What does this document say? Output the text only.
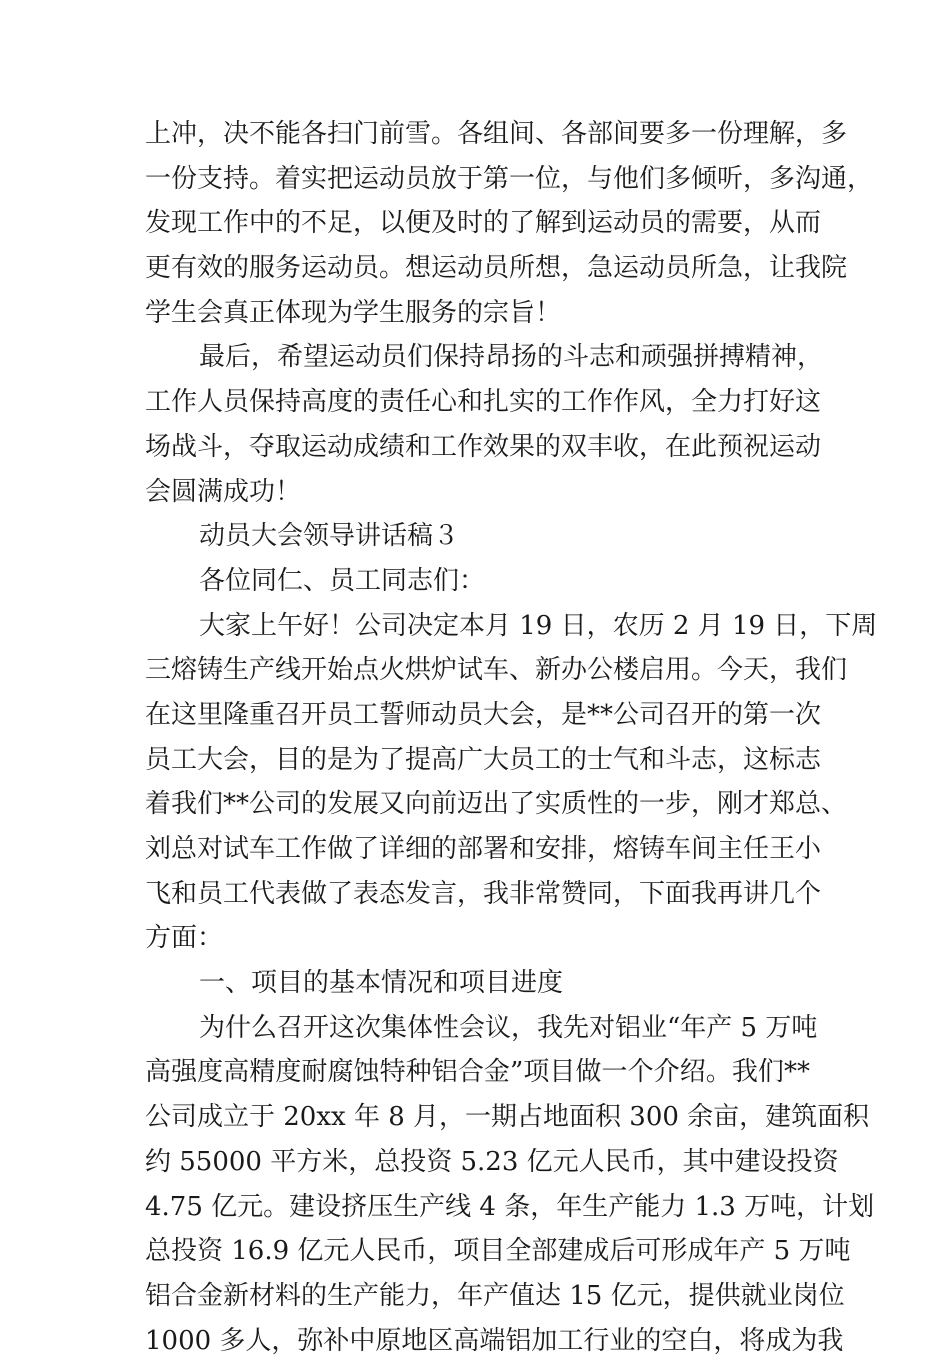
上冲，决不能各扫门前雪。各组间、各部间要多一份理解，多
一份支持。着实把运动员放于第一位，与他们多倾听，多沟通，
发现工作中的不足，以便及时的了解到运动员的需要，从而
更有效的服务运动员。想运动员所想，急运动员所急，让我院
学生会真正体现为学生服务的宗旨！
最后，希望运动员们保持昂扬的斗志和顽强拼搏精神，
工作人员保持高度的责任心和扎实的工作作风，全力打好这
场战斗，夺取运动成绩和工作效果的双丰收，在此预祝运动
会圆满成功！
动员大会领导讲话稿３
各位同仁、员工同志们：
大家上午好！公司决定本月 19 日，农历 2 月 19 日，下周
三熔铸生产线开始点火烘炉试车、新办公楼启用。今天，我们
在这里隆重召开员工誓师动员大会，是**公司召开的第一次
员工大会，目的是为了提高广大员工的士气和斗志，这标志
着我们**公司的发展又向前迈出了实质性的一步，刚才郑总、
刘总对试车工作做了详细的部署和安排，熔铸车间主任王小
飞和员工代表做了表态发言，我非常赞同，下面我再讲几个
方面：
一、项目的基本情况和项目进度
为什么召开这次集体性会议，我先对铝业“年产 5 万吨
高强度高精度耐腐蚀特种铝合金”项目做一个介绍。我们**
公司成立于 20xx 年 8 月，一期占地面积 300 余亩，建筑面积
约 55000 平方米，总投资 5.23 亿元人民币，其中建设投资
4.75 亿元。建设挤压生产线 4 条，年生产能力 1.3 万吨，计划
总投资 16.9 亿元人民币，项目全部建成后可形成年产 5 万吨
铝合金新材料的生产能力，年产值达 15 亿元，提供就业岗位
1000 多人，弥补中原地区高端铝加工行业的空白，将成为我
